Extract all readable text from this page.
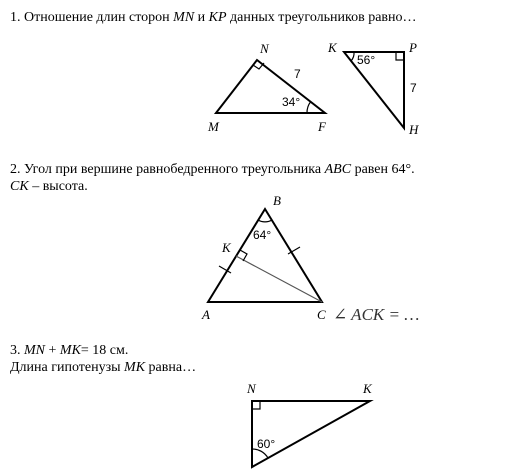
1. Отношение длин сторон MN и KP данных треугольников равно…
N
M	F
7
34°
K	P
H
7
56°
2. Угол при вершине равнобедренного треугольника ABC равен 64°.
CK – высота.
B
K
A	C
64°
∠ ACK = …
3. MN + MK= 18 см.
Длина гипотенузы MK равна…
N	K
60°
